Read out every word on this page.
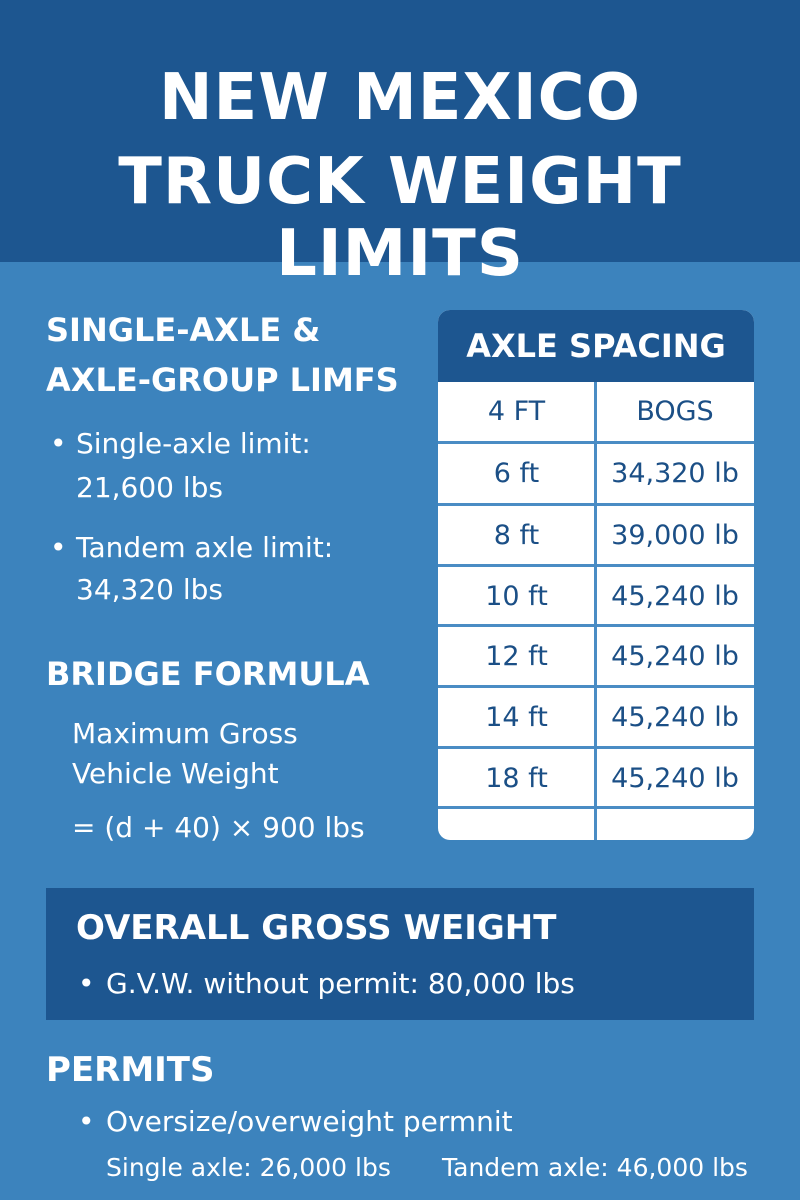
NEW MEXICO
TRUCK WEIGHT LIMITS
SINGLE-AXLE &
AXLE-GROUP LIMFS
• Single-axle limit:
21,600 lbs
• Tandem axle limit:
34,320 lbs
BRIDGE FORMULA
Maximum Gross
Vehicle Weight
= (d + 40) × 900 lbs
AXLE SPACING
4 FT	BOGS
6 ft	34,320 lb
8 ft	39,000 lb
10 ft	45,240 lb
12 ft	45,240 lb
14 ft	45,240 lb
18 ft	45,240 lb
OVERALL GROSS WEIGHT
• G.V.W. without permit: 80,000 lbs
PERMITS
• Oversize/overweight permnit
Single axle: 26,000 lbs Tandem axle: 46,000 lbs
